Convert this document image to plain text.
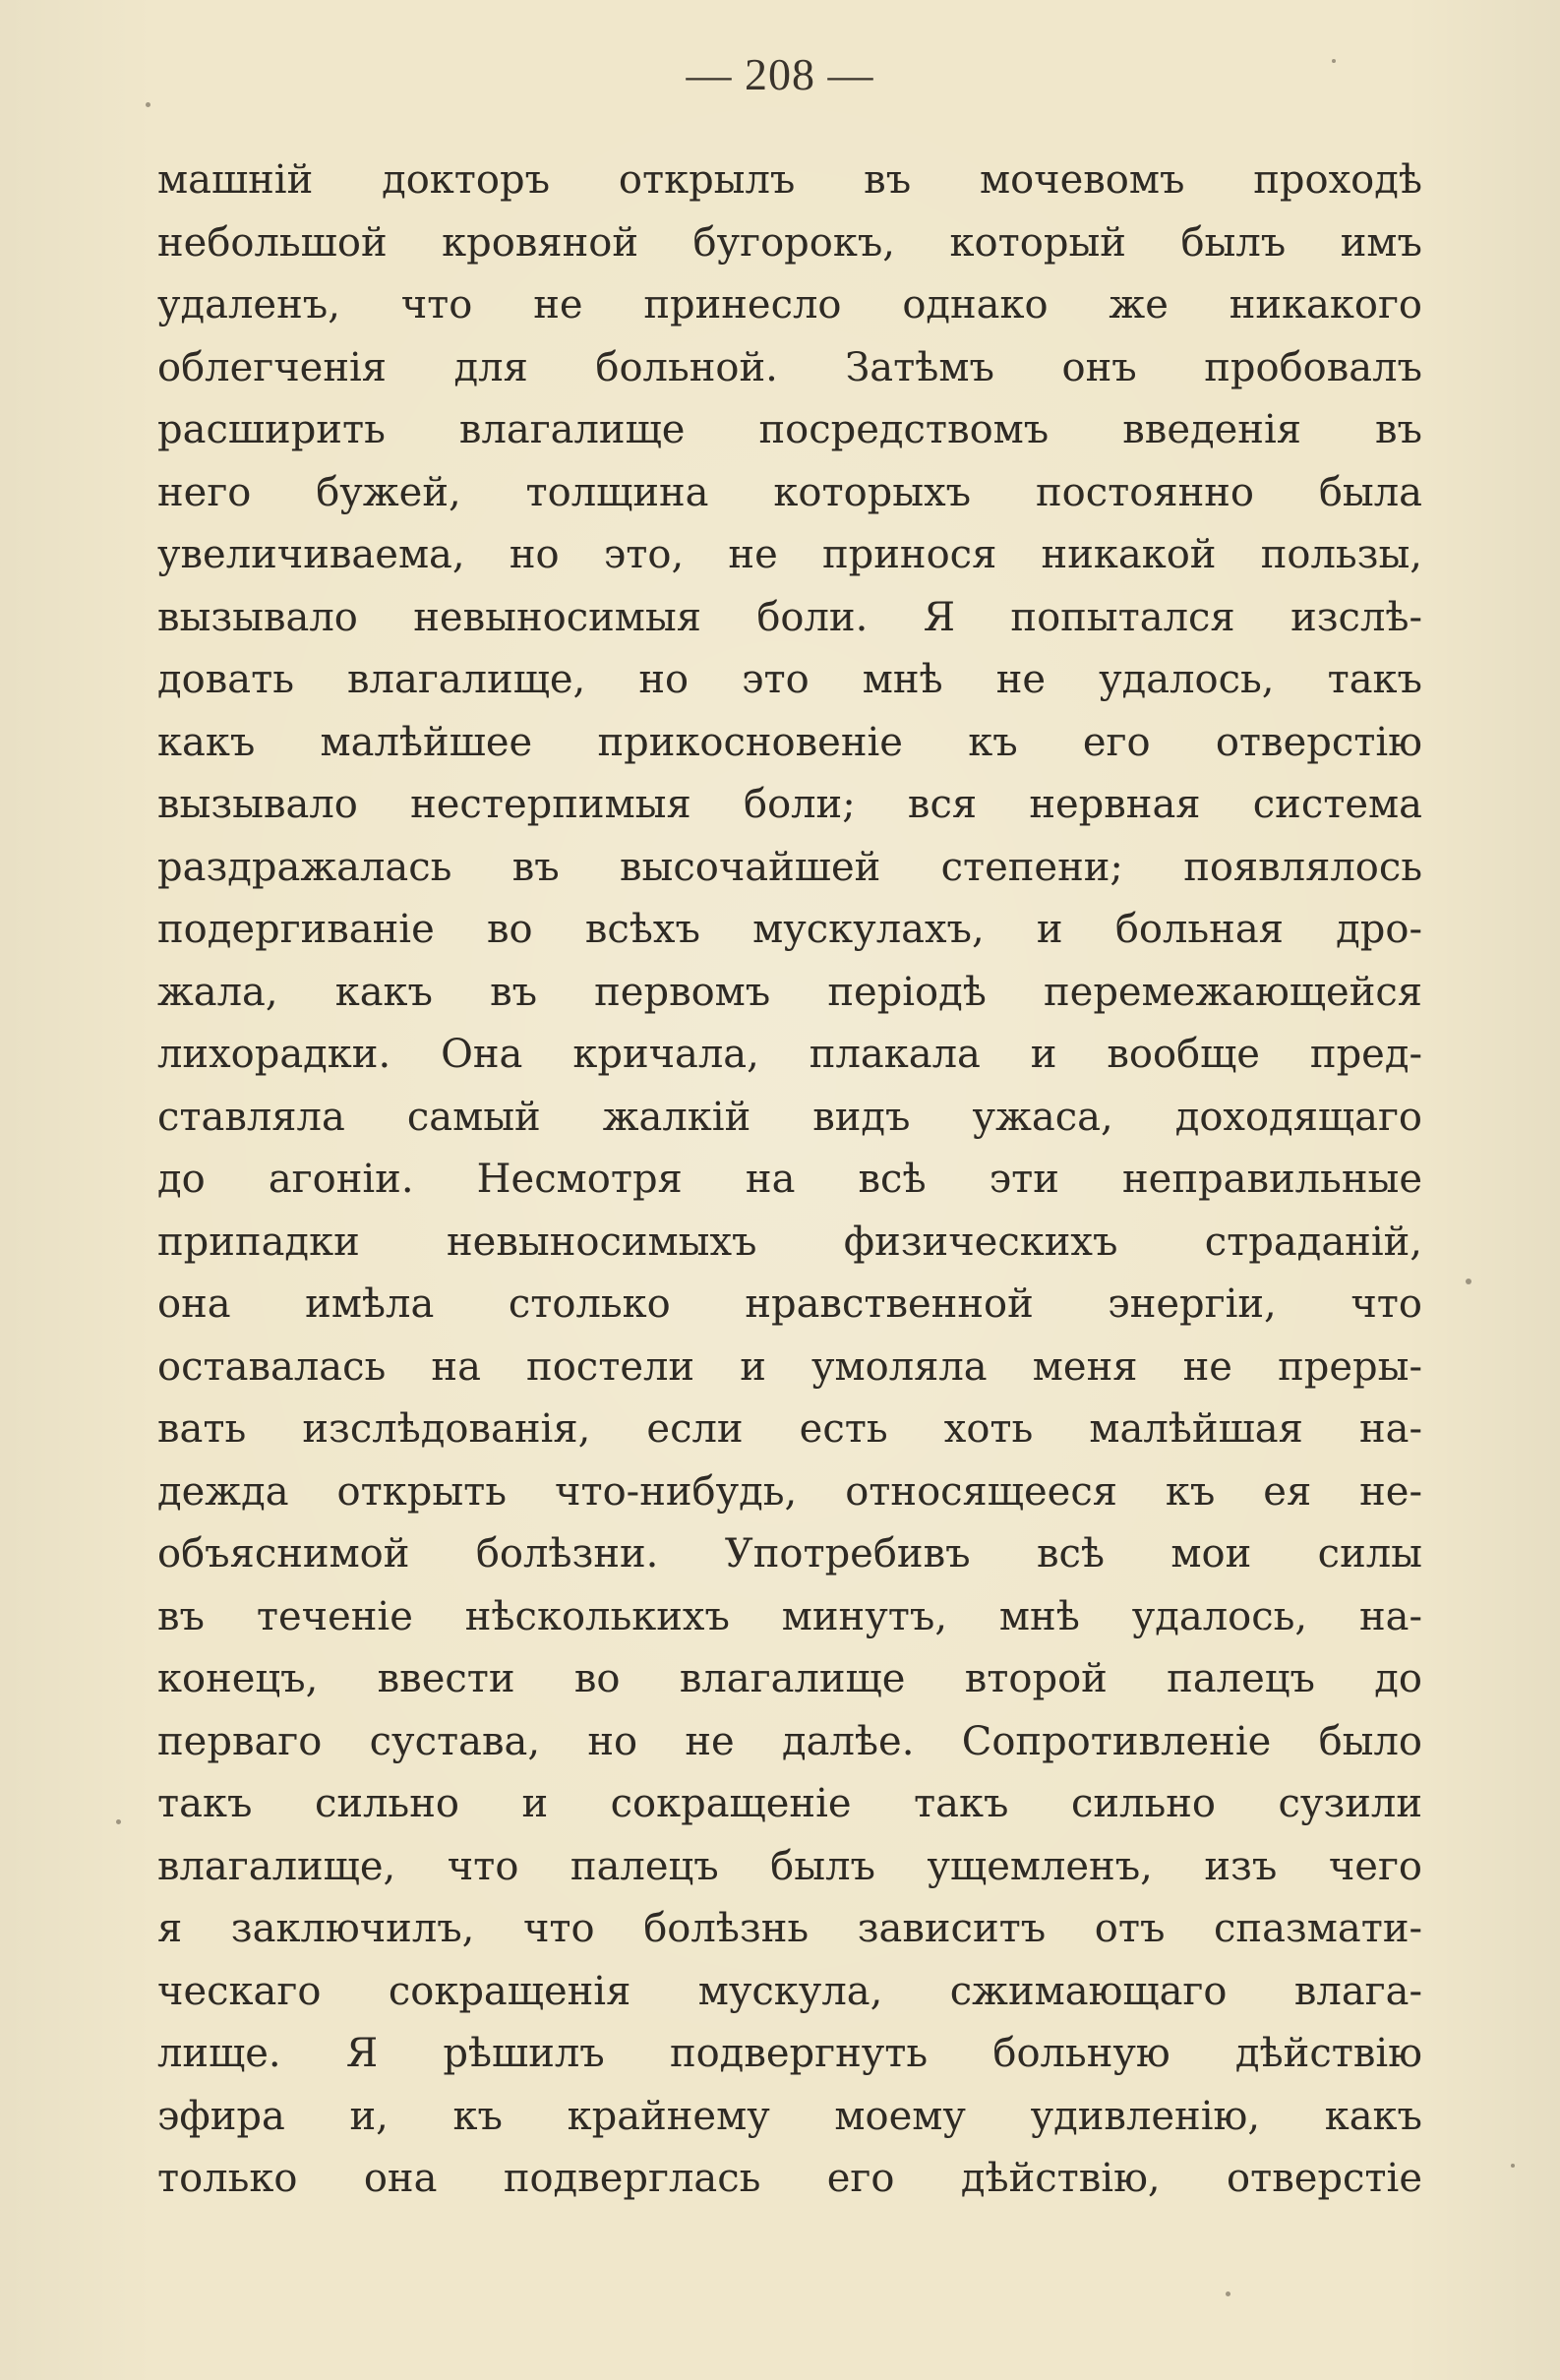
— 208 —
машній докторъ открылъ въ мочевомъ проходѣ
небольшой кровяной бугорокъ, который былъ имъ
удаленъ, что не принесло однако же никакого
облегченія для больной. Затѣмъ онъ пробовалъ
расширить влагалище посредствомъ введенія въ
него бужей, толщина которыхъ постоянно была
увеличиваема, но это, не принося никакой пользы,
вызывало невыносимыя боли. Я попытался изслѣ-
довать влагалище, но это мнѣ не удалось, такъ
какъ малѣйшее прикосновеніе къ его отверстію
вызывало нестерпимыя боли; вся нервная система
раздражалась въ высочайшей степени; появлялось
подергиваніе во всѣхъ мускулахъ, и больная дро-
жала, какъ въ первомъ періодѣ перемежающейся
лихорадки. Она кричала, плакала и вообще пред-
ставляла самый жалкій видъ ужаса, доходящаго
до агоніи. Несмотря на всѣ эти неправильные
припадки невыносимыхъ физическихъ страданій,
она имѣла столько нравственной энергіи, что
оставалась на постели и умоляла меня не преры-
вать изслѣдованія, если есть хоть малѣйшая на-
дежда открыть что-нибудь, относящееся къ ея не-
объяснимой болѣзни. Употребивъ всѣ мои силы
въ теченіе нѣсколькихъ минутъ, мнѣ удалось, на-
конецъ, ввести во влагалище второй палецъ до
перваго сустава, но не далѣе. Сопротивленіе было
такъ сильно и сокращеніе такъ сильно сузили
влагалище, что палецъ былъ ущемленъ, изъ чего
я заключилъ, что болѣзнь зависитъ отъ спазмати-
ческаго сокращенія мускула, сжимающаго влага-
лище. Я рѣшилъ подвергнуть больную дѣйствію
эфира и, къ крайнему моему удивленію, какъ
только она подверглась его дѣйствію, отверстіе
